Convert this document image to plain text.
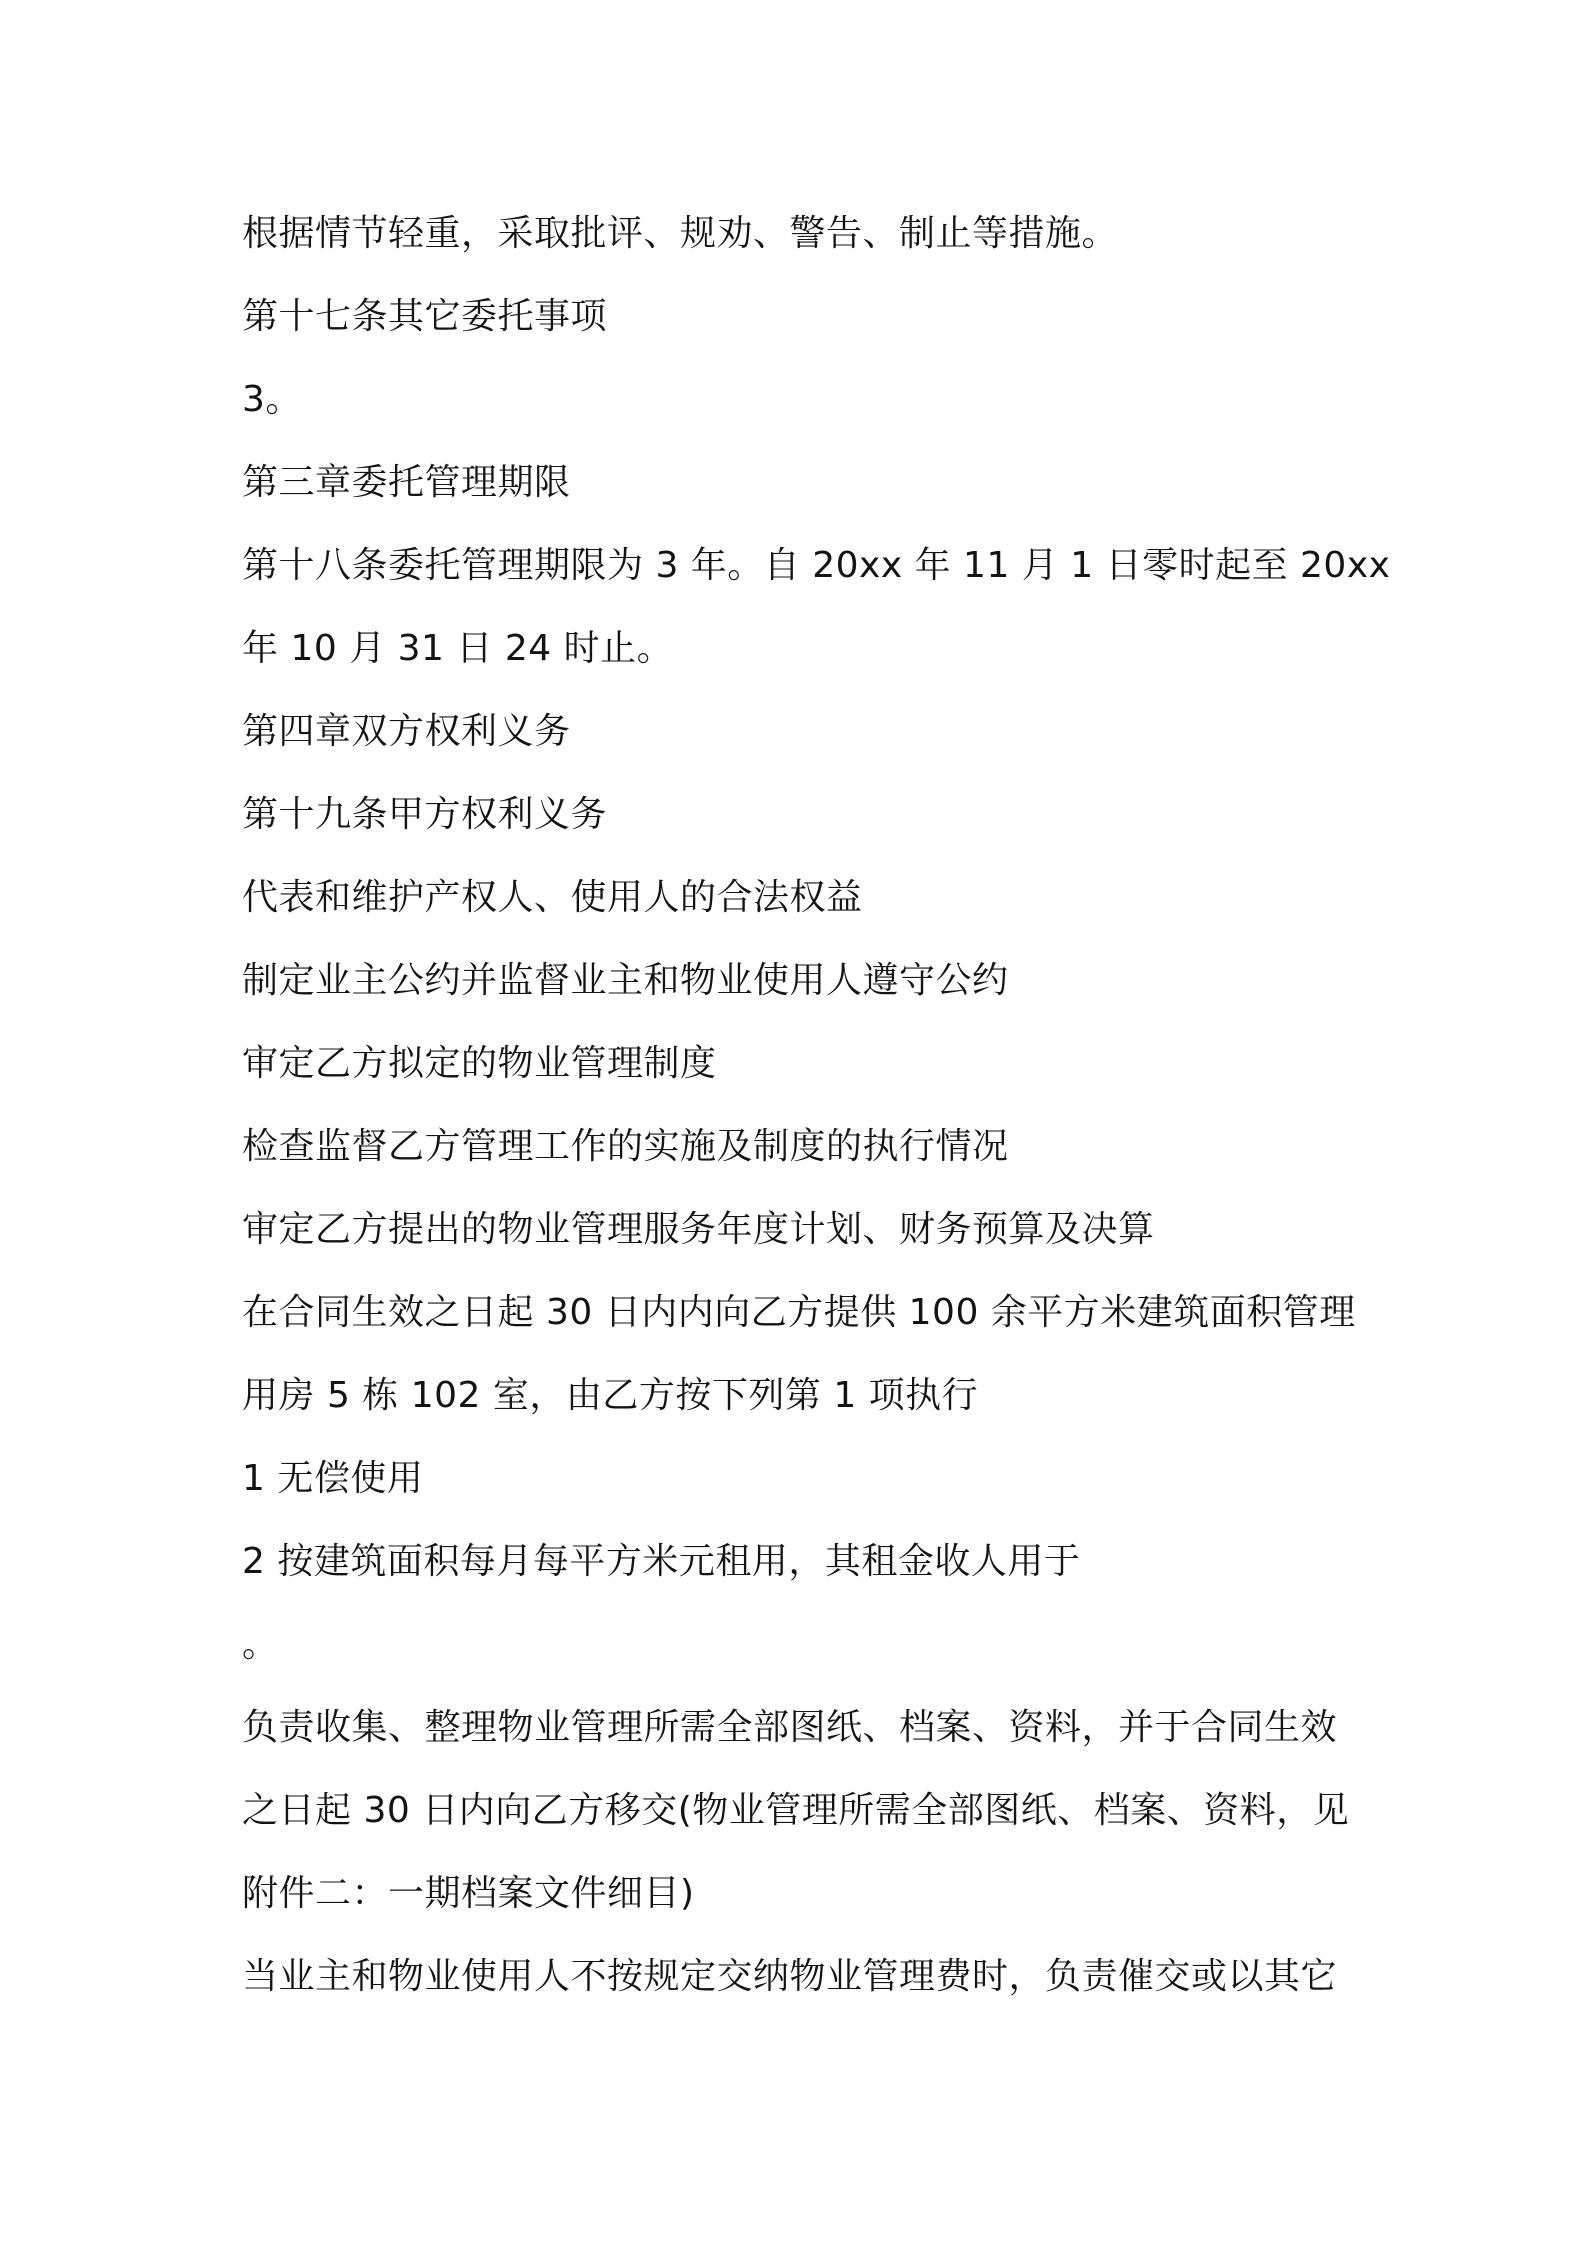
根据情节轻重，采取批评、规劝、警告、制止等措施。

第十七条其它委托事项

3。

第三章委托管理期限

第十八条委托管理期限为 3 年。自 20xx 年 11 月 1 日零时起至 20xx

年 10 月 31 日 24 时止。

第四章双方权利义务

第十九条甲方权利义务

代表和维护产权人、使用人的合法权益

制定业主公约并监督业主和物业使用人遵守公约

审定乙方拟定的物业管理制度

检查监督乙方管理工作的实施及制度的执行情况

审定乙方提出的物业管理服务年度计划、财务预算及决算

在合同生效之日起 30 日内内向乙方提供 100 余平方米建筑面积管理

用房 5 栋 102 室，由乙方按下列第 1 项执行

1 无偿使用

2 按建筑面积每月每平方米元租用，其租金收人用于

。

负责收集、整理物业管理所需全部图纸、档案、资料，并于合同生效

之日起 30 日内向乙方移交(物业管理所需全部图纸、档案、资料，见

附件二：一期档案文件细目)

当业主和物业使用人不按规定交纳物业管理费时，负责催交或以其它
